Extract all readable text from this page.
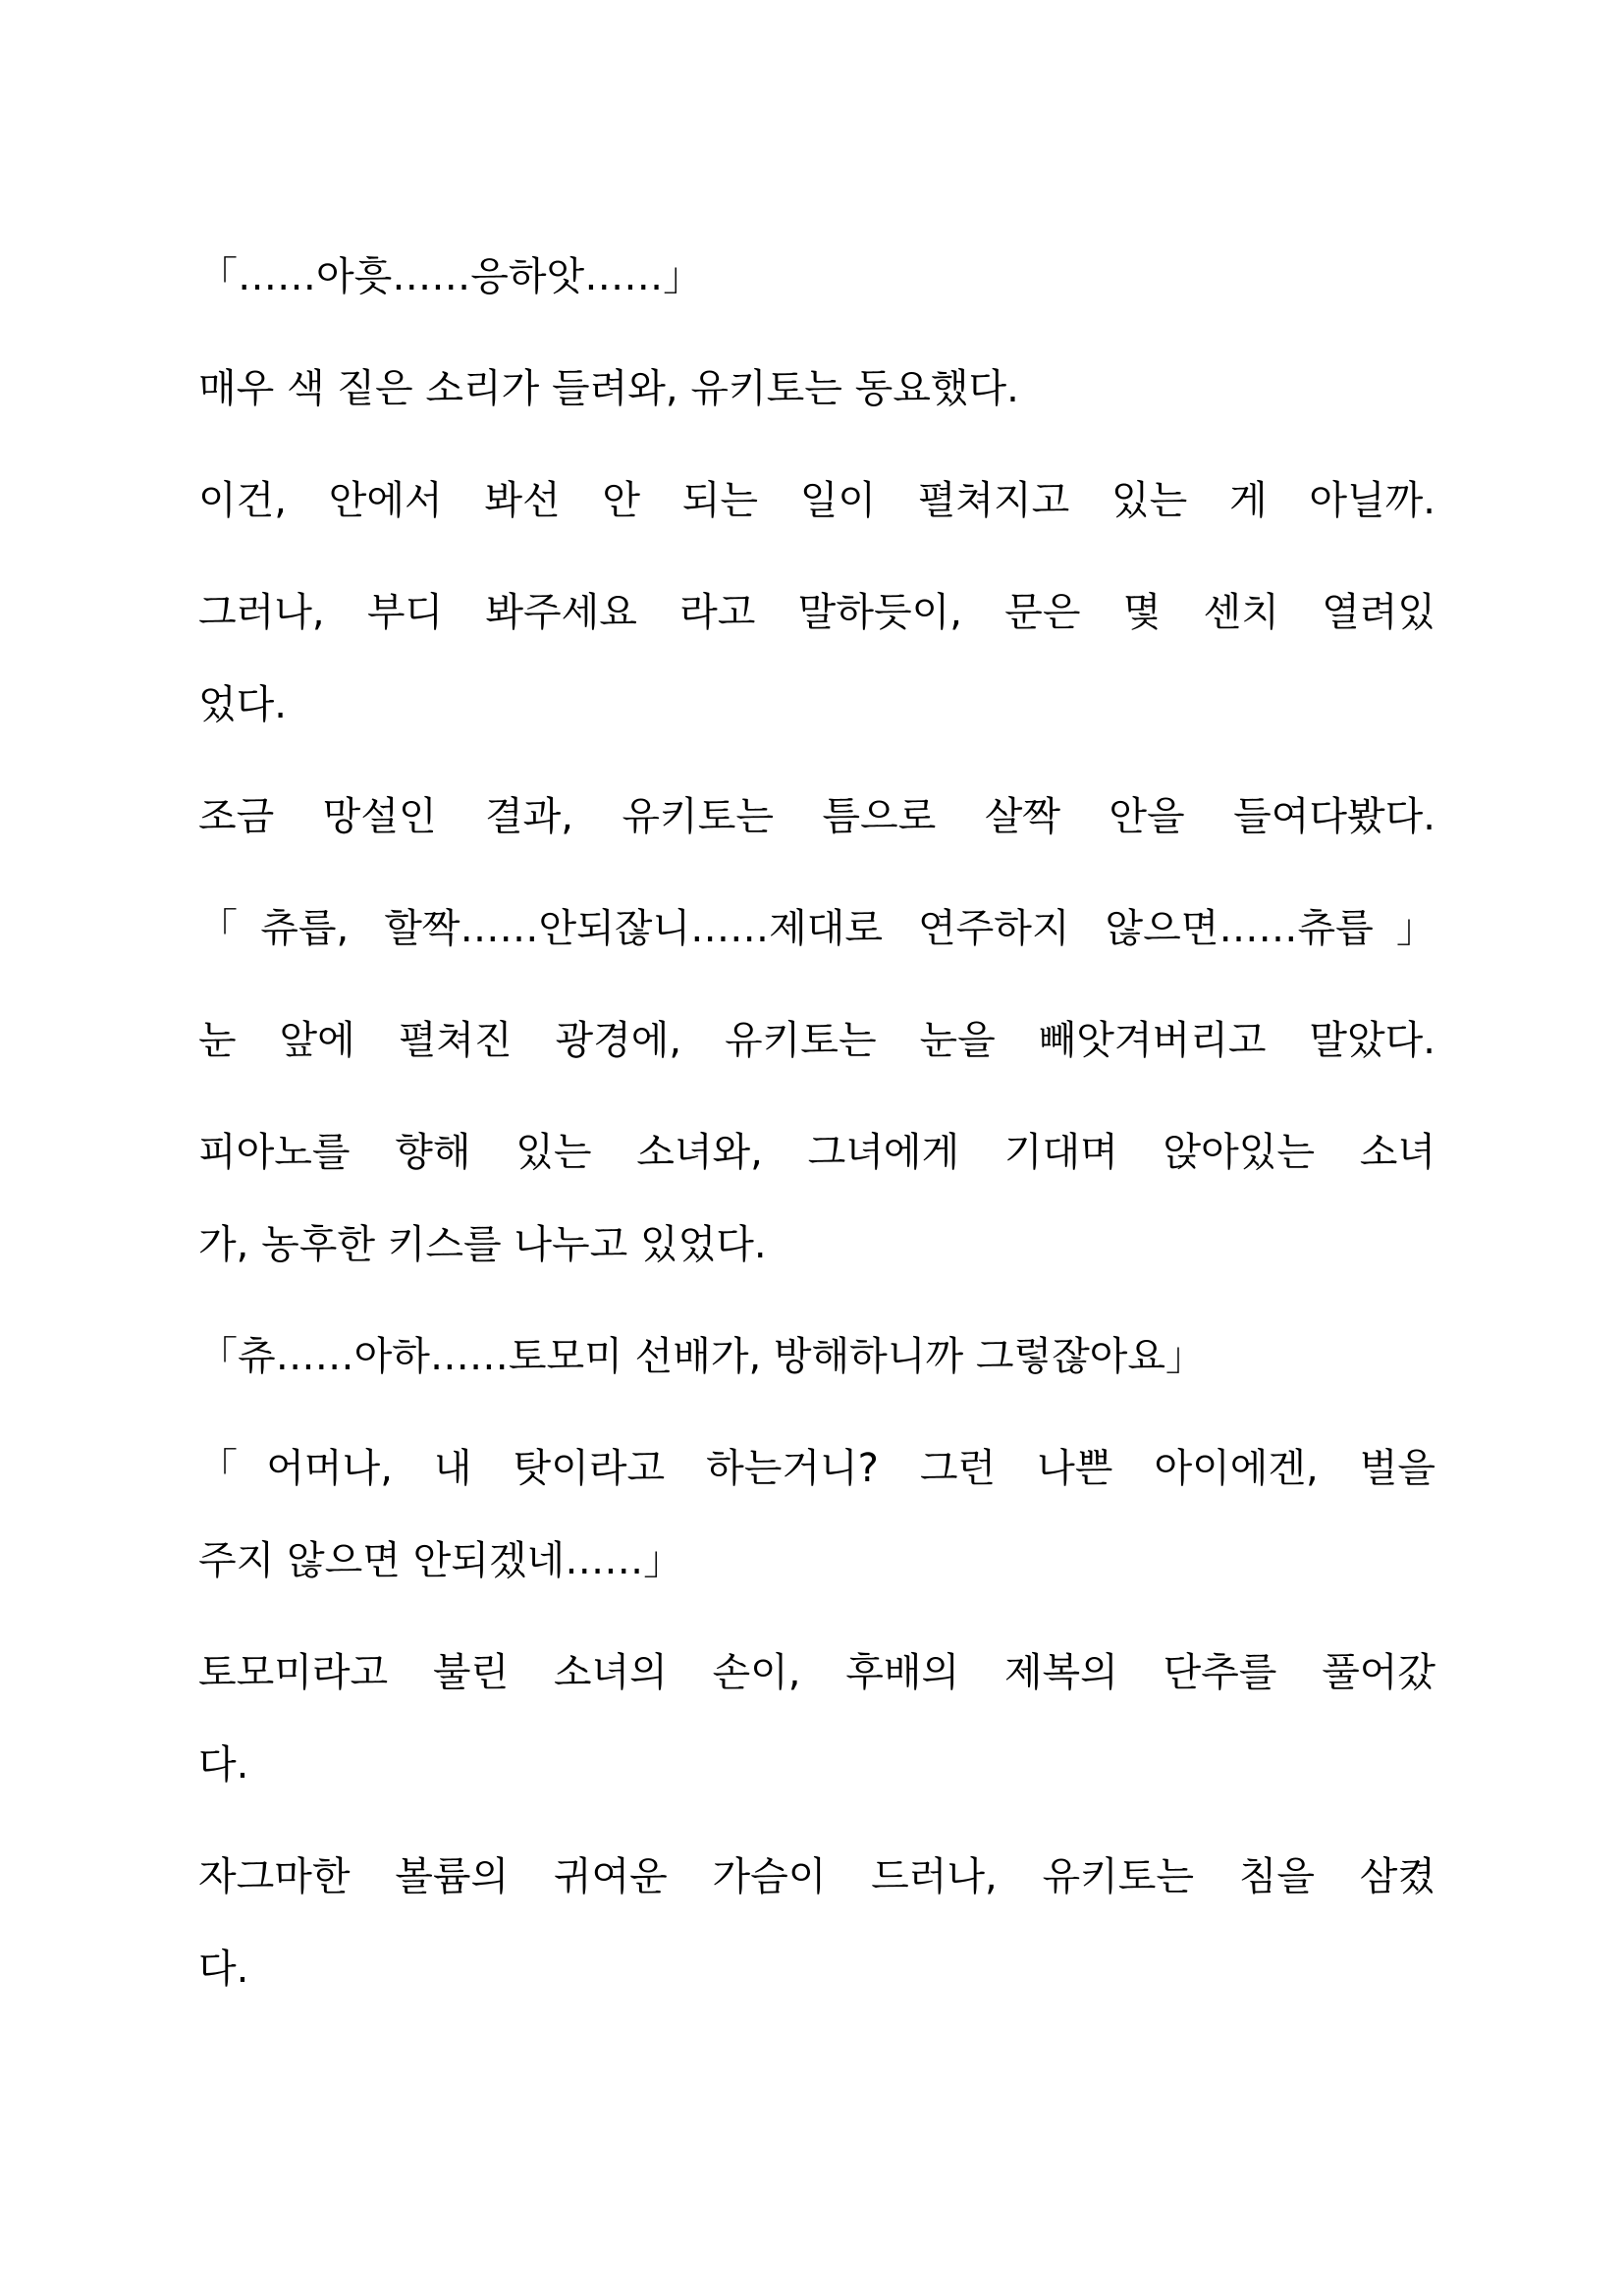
「……아흣……응하앗……」

매우 색 짙은 소리가 들려와, 유키토는 동요했다.

이건, 안에서 봐선 안 되는 일이 펼쳐지고 있는 게 아닐까.

그러나, 부디 봐주세요 라고 말하듯이, 문은 몇 센치 열려있

었다.

조금 망설인 결과, 유키토는 틈으로 살짝 안을 들여다봤다.

「츄릅, 할짝……안되잖니……제대로 연주하지 않으면……츄릅」

눈 앞에 펼쳐진 광경에, 유키토는 눈을 빼앗겨버리고 말았다.

피아노를 향해 있는 소녀와, 그녀에게 기대며 앉아있는 소녀

가, 농후한 키스를 나누고 있었다.

「츄……아하……토모미 선배가, 방해하니까 그렇잖아요」

「어머나, 내 탓이라고 하는거니? 그런 나쁜 아이에겐, 벌을

주지 않으면 안되겠네……」

토모미라고 불린 소녀의 손이, 후배의 제복의 단추를 풀어갔

다.

자그마한 볼륨의 귀여운 가슴이 드러나, 유키토는 침을 삼켰

다.
